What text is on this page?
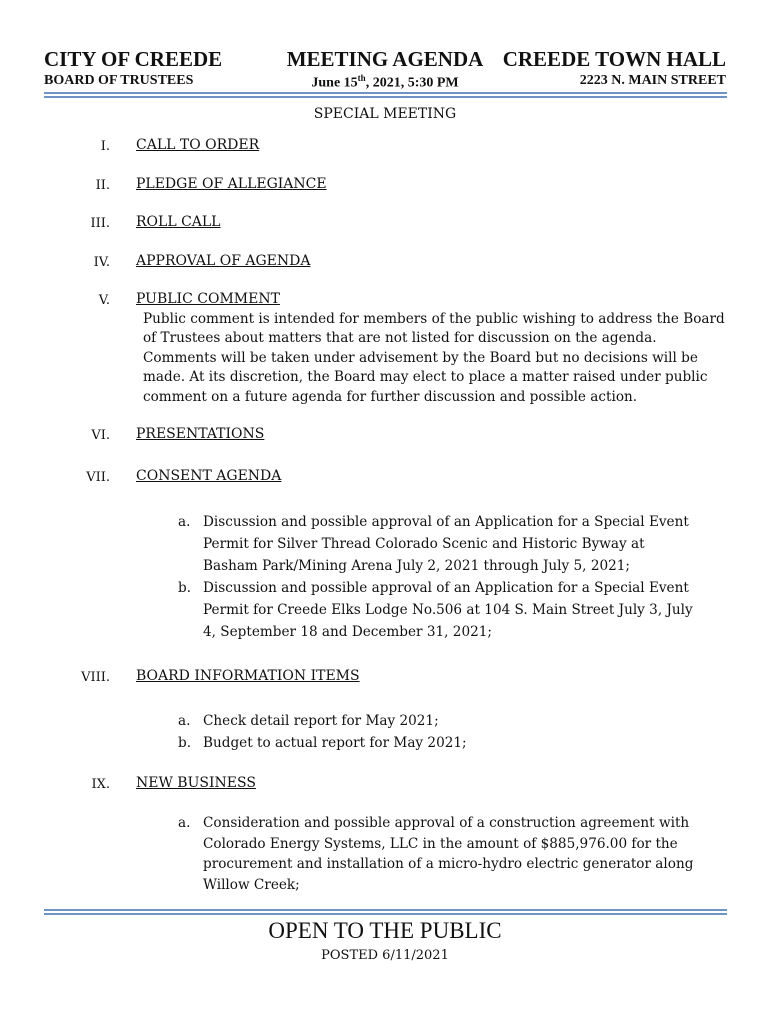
CITY OF CREEDE
BOARD OF TRUSTEES
MEETING AGENDA
June 15th, 2021, 5:30 PM
CREEDE TOWN HALL
2223 N. MAIN STREET
SPECIAL MEETING
I. CALL TO ORDER
II. PLEDGE OF ALLEGIANCE
III. ROLL CALL
IV. APPROVAL OF AGENDA
V. PUBLIC COMMENT

Public comment is intended for members of the public wishing to address the Board of Trustees about matters that are not listed for discussion on the agenda. Comments will be taken under advisement by the Board but no decisions will be made. At its discretion, the Board may elect to place a matter raised under public comment on a future agenda for further discussion and possible action.

VI. PRESENTATIONS
VII. CONSENT AGENDA
a. Discussion and possible approval of an Application for a Special Event Permit for Silver Thread Colorado Scenic and Historic Byway at Basham Park/Mining Arena July 2, 2021 through July 5, 2021;
b. Discussion and possible approval of an Application for a Special Event Permit for Creede Elks Lodge No.506 at 104 S. Main Street July 3, July 4, September 18 and December 31, 2021;
VIII. BOARD INFORMATION ITEMS
a. Check detail report for May 2021;
b. Budget to actual report for May 2021;
IX. NEW BUSINESS
a. Consideration and possible approval of a construction agreement with Colorado Energy Systems, LLC in the amount of $885,976.00 for the procurement and installation of a micro-hydro electric generator along Willow Creek;
OPEN TO THE PUBLIC
POSTED 6/11/2021
